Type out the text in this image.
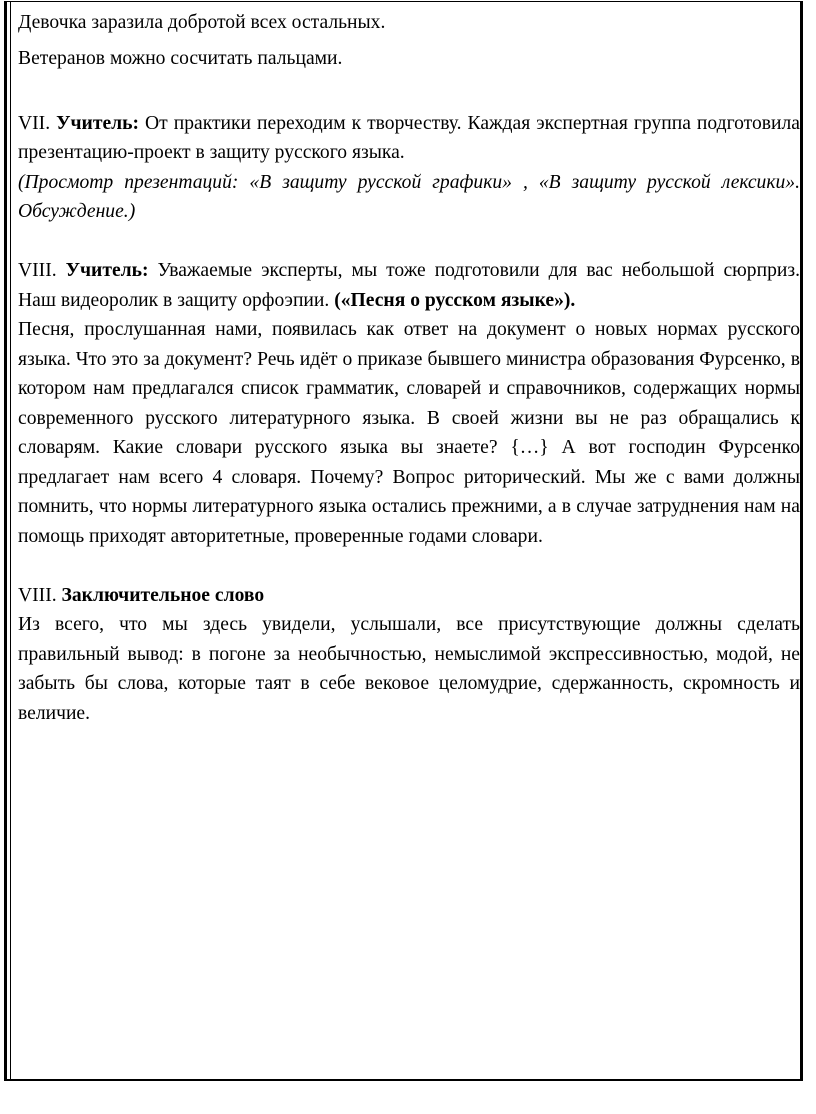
Девочка заразила добротой всех остальных.

Ветеранов можно сосчитать пальцами.

VII. Учитель: От практики переходим к творчеству. Каждая экспертная группа подготовила презентацию-проект в защиту русского языка.

(Просмотр презентаций: «В защиту русской графики» , «В защиту русской лексики». Обсуждение.)

VIII. Учитель: Уважаемые эксперты, мы тоже подготовили для вас небольшой сюрприз. Наш видеоролик в защиту орфоэпии. («Песня о русском языке»).

Песня, прослушанная нами, появилась как ответ на документ о новых нормах русского языка. Что это за документ? Речь идёт о приказе бывшего министра образования Фурсенко, в котором нам предлагался список грамматик, словарей и справочников, содержащих нормы современного русского литературного языка. В своей жизни вы не раз обращались к словарям. Какие словари русского языка вы знаете? {…} А вот господин Фурсенко предлагает нам всего 4 словаря. Почему? Вопрос риторический. Мы же с вами должны помнить, что нормы литературного языка остались прежними, а в случае затруднения нам на помощь приходят авторитетные, проверенные годами словари.

VIII. Заключительное слово

Из всего, что мы здесь увидели, услышали, все присутствующие должны сделать правильный вывод: в погоне за необычностью, немыслимой экспрессивностью, модой, не забыть бы слова, которые таят в себе вековое целомудрие, сдержанность, скромность и величие.
